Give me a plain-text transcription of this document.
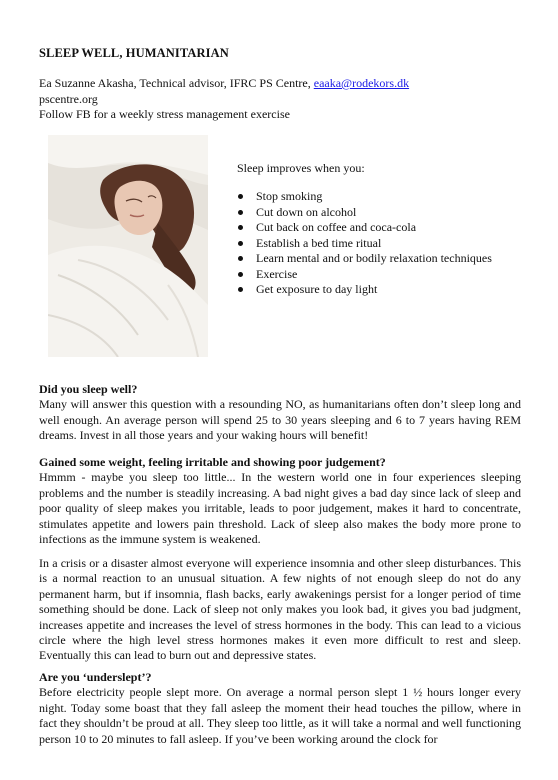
SLEEP WELL, HUMANITARIAN
Ea Suzanne Akasha, Technical advisor, IFRC PS Centre, eaaka@rodekors.dk
pscentre.org
Follow FB for a weekly stress management exercise
Sleep improves when you:
Stop smoking
Cut down on alcohol
Cut back on coffee and coca-cola
Establish a bed time ritual
Learn mental and or bodily relaxation techniques
Exercise
Get exposure to day light
Did you sleep well?

Many will answer this question with a resounding NO, as humanitarians often don’t sleep long and well enough. An average person will spend 25 to 30 years sleeping and 6 to 7 years having REM dreams. Invest in all those years and your waking hours will benefit!

Gained some weight, feeling irritable and showing poor judgement?

Hmmm - maybe you sleep too little... In the western world one in four experiences sleeping problems and the number is steadily increasing. A bad night gives a bad day since lack of sleep and poor quality of sleep makes you irritable, leads to poor judgement, makes it hard to concentrate, stimulates appetite and lowers pain threshold. Lack of sleep also makes the body more prone to infections as the immune system is weakened.

In a crisis or a disaster almost everyone will experience insomnia and other sleep disturbances. This is a normal reaction to an unusual situation. A few nights of not enough sleep do not do any permanent harm, but if insomnia, flash backs, early awakenings persist for a longer period of time something should be done. Lack of sleep not only makes you look bad, it gives you bad judgment, increases appetite and increases the level of stress hormones in the body. This can lead to a vicious circle where the high level stress hormones makes it even more difficult to rest and sleep. Eventually this can lead to burn out and depressive states.

Are you ‘underslept’?

Before electricity people slept more. On average a normal person slept 1 ½ hours longer every night. Today some boast that they fall asleep the moment their head touches the pillow, where in fact they shouldn’t be proud at all. They sleep too little, as it will take a normal and well functioning person 10 to 20 minutes to fall asleep. If you’ve been working around the clock for
